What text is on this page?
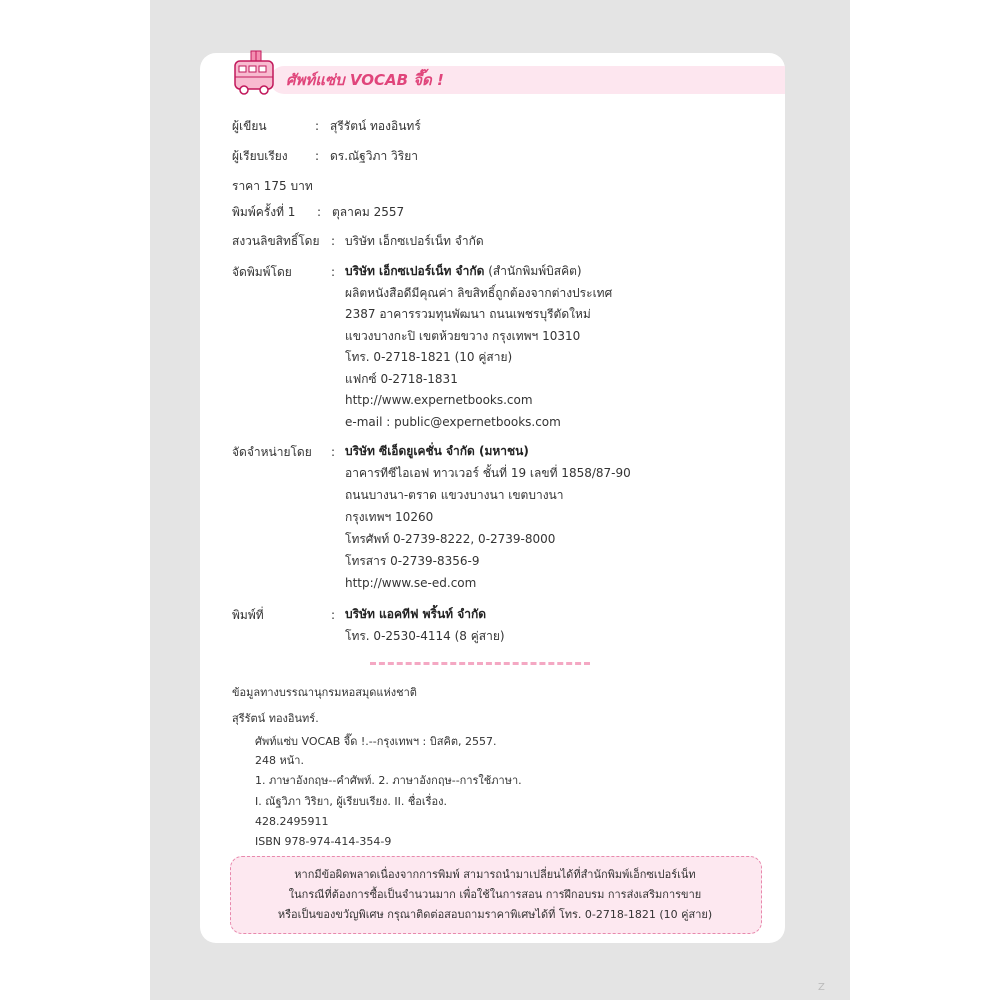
ศัพท์แซ่บ VOCAB จี๊ด !
ผู้เขียน	: สุรีรัตน์ ทองอินทร์
ผู้เรียบเรียง : ดร.ณัฐวิภา วิริยา
ราคา 175 บาท
พิมพ์ครั้งที่ 1 : ตุลาคม 2557
สงวนลิขสิทธิ์โดย : บริษัท เอ็กซเปอร์เน็ท จำกัด
จัดพิมพ์โดย	: บริษัท เอ็กซเปอร์เน็ท จำกัด (สำนักพิมพ์บิสคิต)
ผลิตหนังสือดีมีคุณค่า ลิขสิทธิ์ถูกต้องจากต่างประเทศ
2387 อาคารรวมทุนพัฒนา ถนนเพชรบุรีตัดใหม่
แขวงบางกะปิ เขตห้วยขวาง กรุงเทพฯ 10310
โทร. 0-2718-1821 (10 คู่สาย)
แฟกซ์ 0-2718-1831
http://www.expernetbooks.com
e-mail : public@expernetbooks.com
จัดจำหน่ายโดย : บริษัท ซีเอ็ดยูเคชั่น จำกัด (มหาชน)
อาคารทีซีไอเอฟ ทาวเวอร์ ชั้นที่ 19 เลขที่ 1858/87-90
ถนนบางนา-ตราด แขวงบางนา เขตบางนา
กรุงเทพฯ 10260
โทรศัพท์ 0-2739-8222, 0-2739-8000
โทรสาร 0-2739-8356-9
http://www.se-ed.com
พิมพ์ที่	: บริษัท แอคทีฟ พริ้นท์ จำกัด
โทร. 0-2530-4114 (8 คู่สาย)
ข้อมูลทางบรรณานุกรมหอสมุดแห่งชาติ
สุรีรัตน์ ทองอินทร์.
ศัพท์แซ่บ VOCAB จี๊ด !.--กรุงเทพฯ : บิสคิต, 2557.
248 หน้า.
1. ภาษาอังกฤษ--คำศัพท์. 2. ภาษาอังกฤษ--การใช้ภาษา.
I. ณัฐวิภา วิริยา, ผู้เรียบเรียง. II. ชื่อเรื่อง.
428.2495911
ISBN 978-974-414-354-9
หากมีข้อผิดพลาดเนื่องจากการพิมพ์ สามารถนำมาเปลี่ยนได้ที่สำนักพิมพ์เอ็กซเปอร์เน็ท
ในกรณีที่ต้องการซื้อเป็นจำนวนมาก เพื่อใช้ในการสอน การฝึกอบรม การส่งเสริมการขาย
หรือเป็นของขวัญพิเศษ กรุณาติดต่อสอบถามราคาพิเศษได้ที่ โทร. 0-2718-1821 (10 คู่สาย)
Z
